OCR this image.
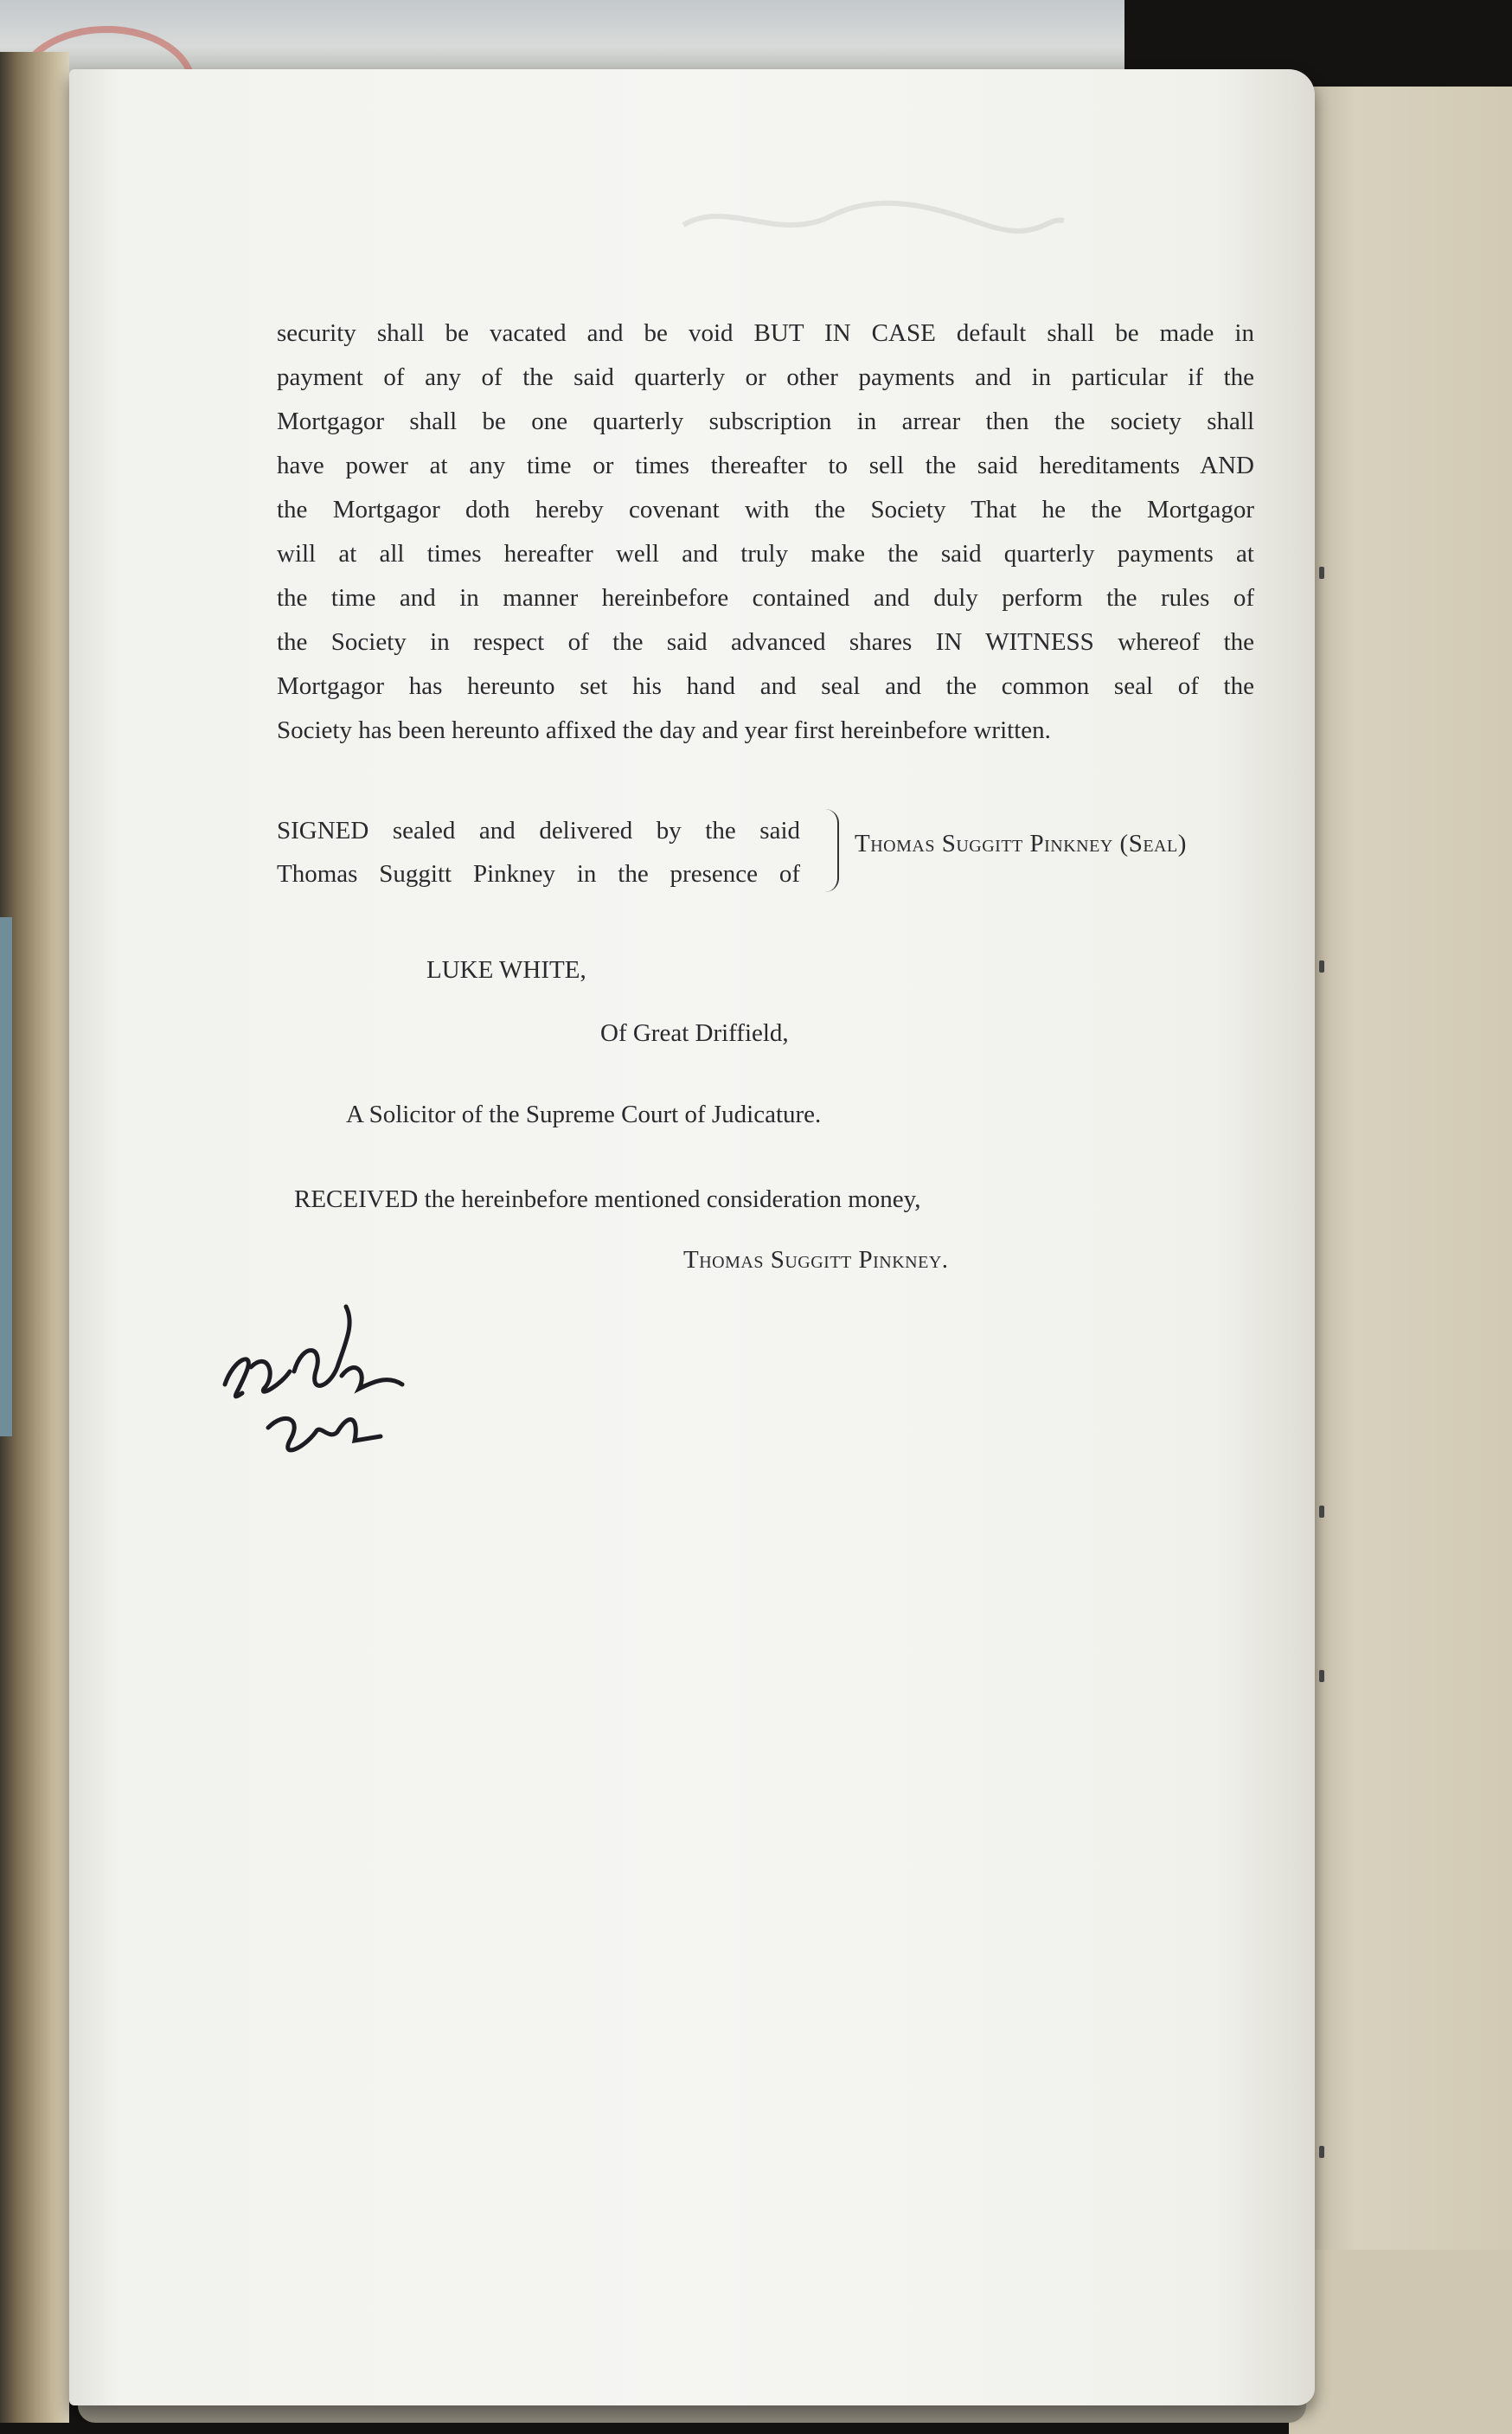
security shall be vacated and be void BUT IN CASE default shall be made in
payment of any of the said quarterly or other payments and in particular if the
Mortgagor shall be one quarterly subscription in arrear then the society shall
have power at any time or times thereafter to sell the said hereditaments AND
the Mortgagor doth hereby covenant with the Society That he the Mortgagor
will at all times hereafter well and truly make the said quarterly payments at
the time and in manner hereinbefore contained and duly perform the rules of
the Society in respect of the said advanced shares IN WITNESS whereof the
Mortgagor has hereunto set his hand and seal and the common seal of the
Society has been hereunto affixed the day and year first hereinbefore written.
SIGNED sealed and delivered by the said
Thomas Suggitt Pinkney in the presence of
Thomas Suggitt Pinkney (Seal)
LUKE WHITE,
Of Great Driffield,
A Solicitor of the Supreme Court of Judicature.
RECEIVED the hereinbefore mentioned consideration money,
Thomas Suggitt Pinkney.
